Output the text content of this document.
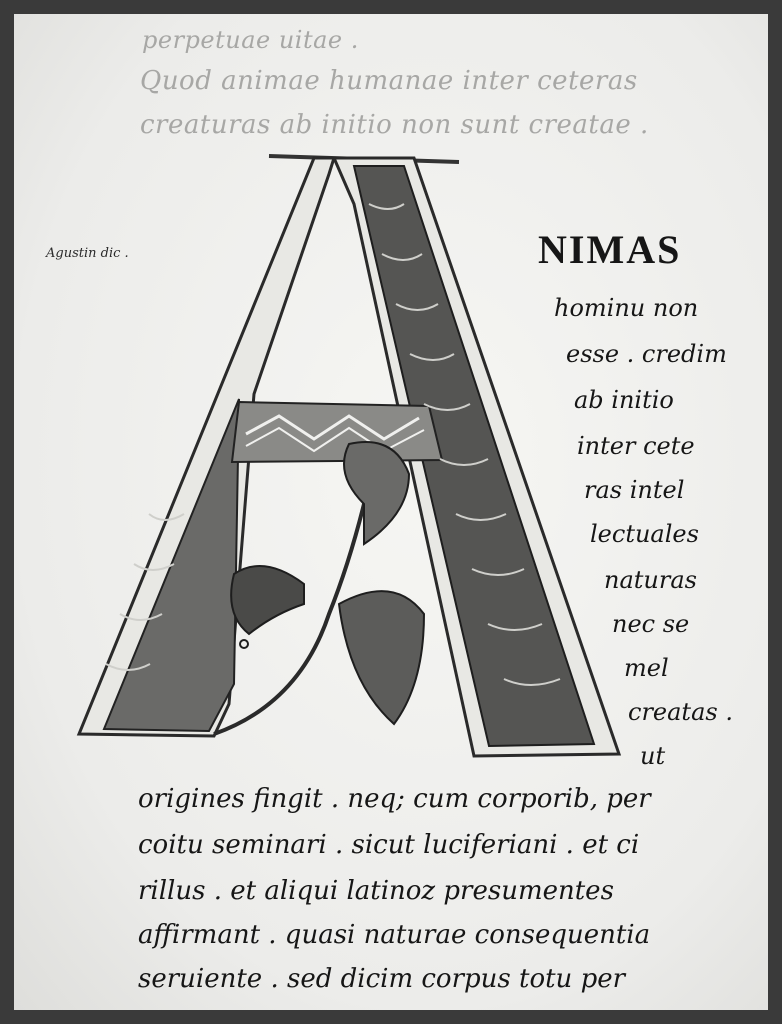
perpetuae uitae .
Quod animae humanae inter ceteras
creaturas ab initio non sunt creatae .
Agustin dic .	NIMAS
hominu non
esse . credim
ab initio
inter cete
ras intel
lectuales
naturas
nec se
mel
creatas .
ut
origines fingit . neq; cum corporib, per
coitu seminari . sicut luciferiani . et ci
rillus . et aliqui latinoz presumentes
affirmant . quasi naturae consequentia
seruiente . sed dicim corpus totu per
